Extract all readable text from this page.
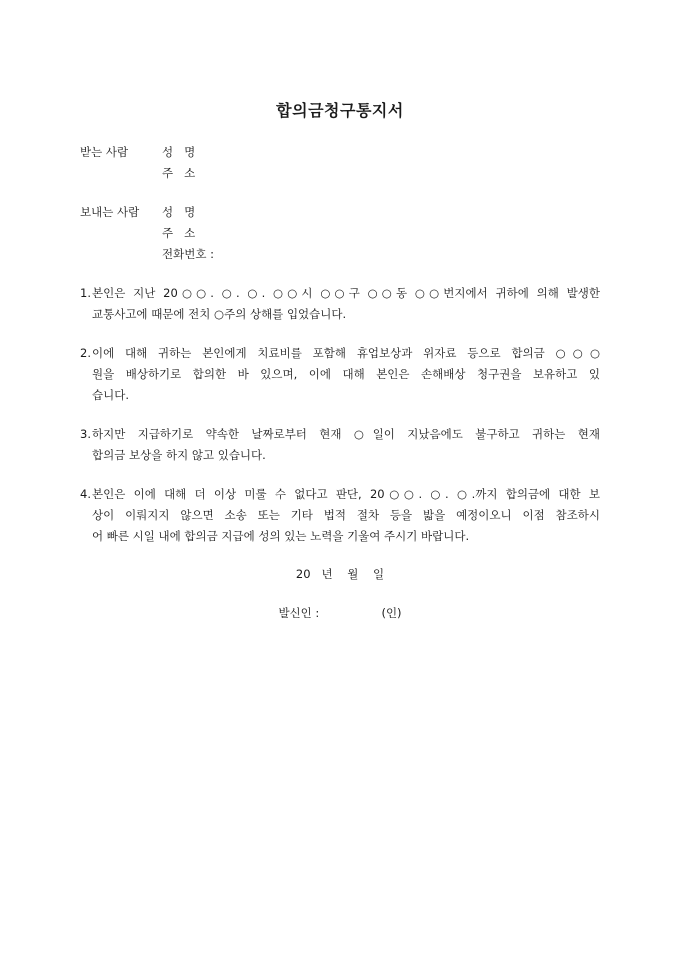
합의금청구통지서
받는 사람	성   명
주   소
보내는 사람 성   명
주   소
전화번호 :
1. 본인은 지난 20○○. ○. ○. ○○시 ○○구 ○○동 ○○번지에서 귀하에 의해 발생한
교통사고에 때문에 전치 ○주의 상해를 입었습니다.
2. 이에 대해 귀하는 본인에게 치료비를 포함해 휴업보상과 위자료 등으로 합의금 ○○○
원을 배상하기로 합의한 바 있으며, 이에 대해 본인은 손해배상 청구권을 보유하고 있
습니다.
3. 하지만 지급하기로 약속한 날짜로부터 현재 ○일이 지났음에도 불구하고 귀하는 현재
합의금 보상을 하지 않고 있습니다.
4. 본인은 이에 대해 더 이상 미룰 수 없다고 판단, 20○○. ○. ○.까지 합의금에 대한 보
상이 이뤄지지 않으면 소송 또는 기타 법적 절차 등을 밟을 예정이오니 이점 참조하시
어 빠른 시일 내에 합의금 지급에 성의 있는 노력을 기울여 주시기 바랍니다.
20   년    월    일
발신인 :                 (인)
